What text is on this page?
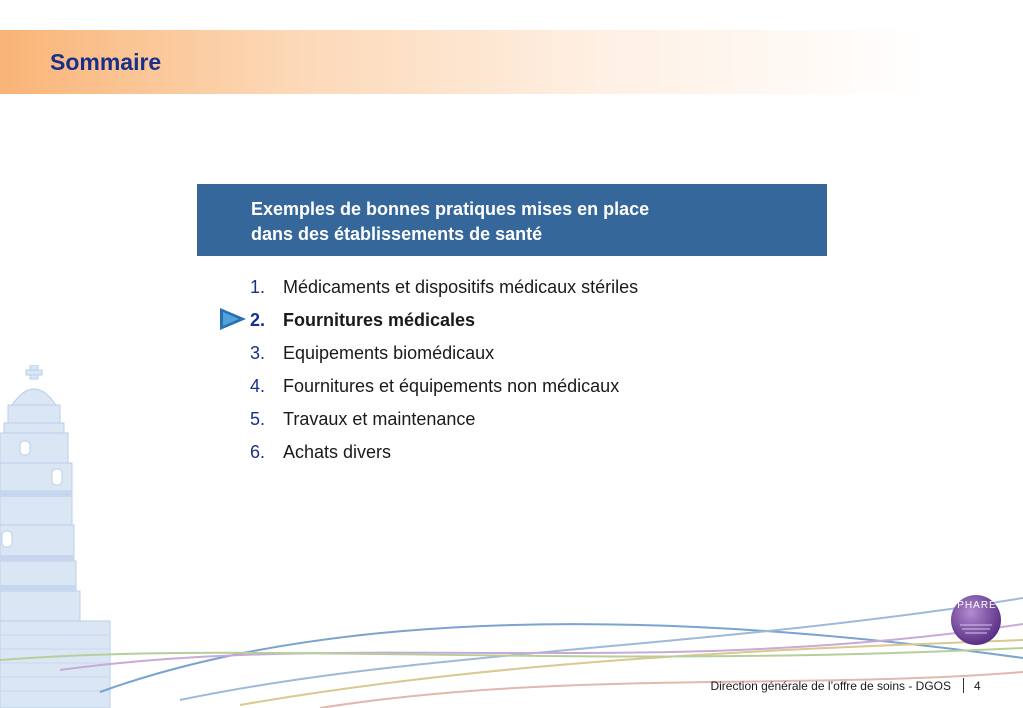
Sommaire
Exemples de bonnes pratiques mises en place
dans des établissements de santé
1. Médicaments et dispositifs médicaux stériles
2. Fournitures médicales
3. Equipements biomédicaux
4. Fournitures et équipements non médicaux
5. Travaux et maintenance
6. Achats divers
PHARE
Direction générale de l’offre de soins - DGOS 4
